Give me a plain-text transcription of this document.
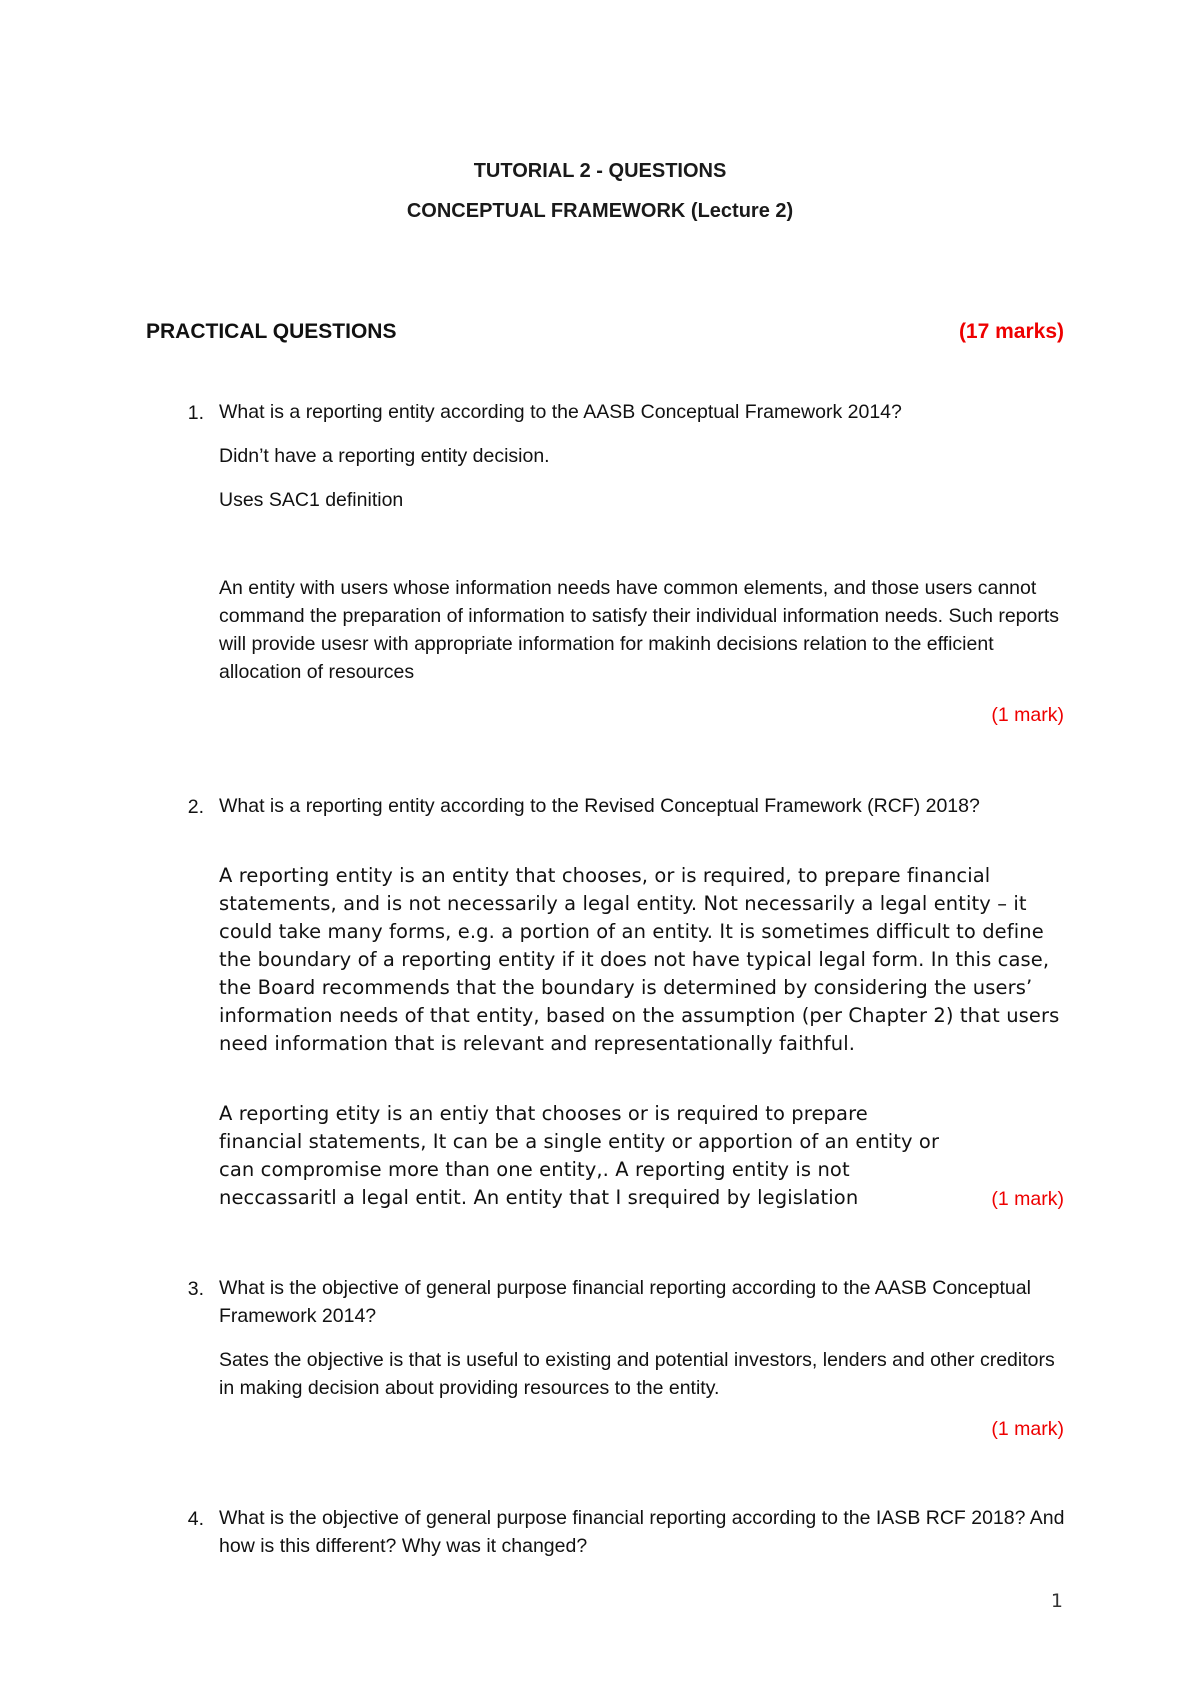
TUTORIAL 2 - QUESTIONS
CONCEPTUAL FRAMEWORK (Lecture 2)
PRACTICAL QUESTIONS	(17 marks)
1. What is a reporting entity according to the AASB Conceptual Framework 2014?
Didn’t have a reporting entity decision.
Uses SAC1 definition
An entity with users whose information needs have common elements, and those users cannot command the preparation of information to satisfy their individual information needs. Such reports will provide usesr with appropriate information for makinh decisions relation to the efficient allocation of resources
(1 mark)
2. What is a reporting entity according to the Revised Conceptual Framework (RCF) 2018?
A reporting entity is an entity that chooses, or is required, to prepare financial statements, and is not necessarily a legal entity. Not necessarily a legal entity – it could take many forms, e.g. a portion of an entity. It is sometimes difficult to define the boundary of a reporting entity if it does not have typical legal form. In this case, the Board recommends that the boundary is determined by considering the users’ information needs of that entity, based on the assumption (per Chapter 2) that users need information that is relevant and representationally faithful.
A reporting etity is an entiy that chooses or is required to prepare financial statements, It can be a single entity or apportion of an entity or can compromise more than one entity,. A reporting entity is not neccassaritl a legal entit. An entity that I srequired by legislation	(1 mark)
3. What is the objective of general purpose financial reporting according to the AASB Conceptual Framework 2014?
Sates the objective is that is useful to existing and potential investors, lenders and other creditors in making decision about providing resources to the entity.
(1 mark)
4. What is the objective of general purpose financial reporting according to the IASB RCF 2018? And how is this different? Why was it changed?
1
